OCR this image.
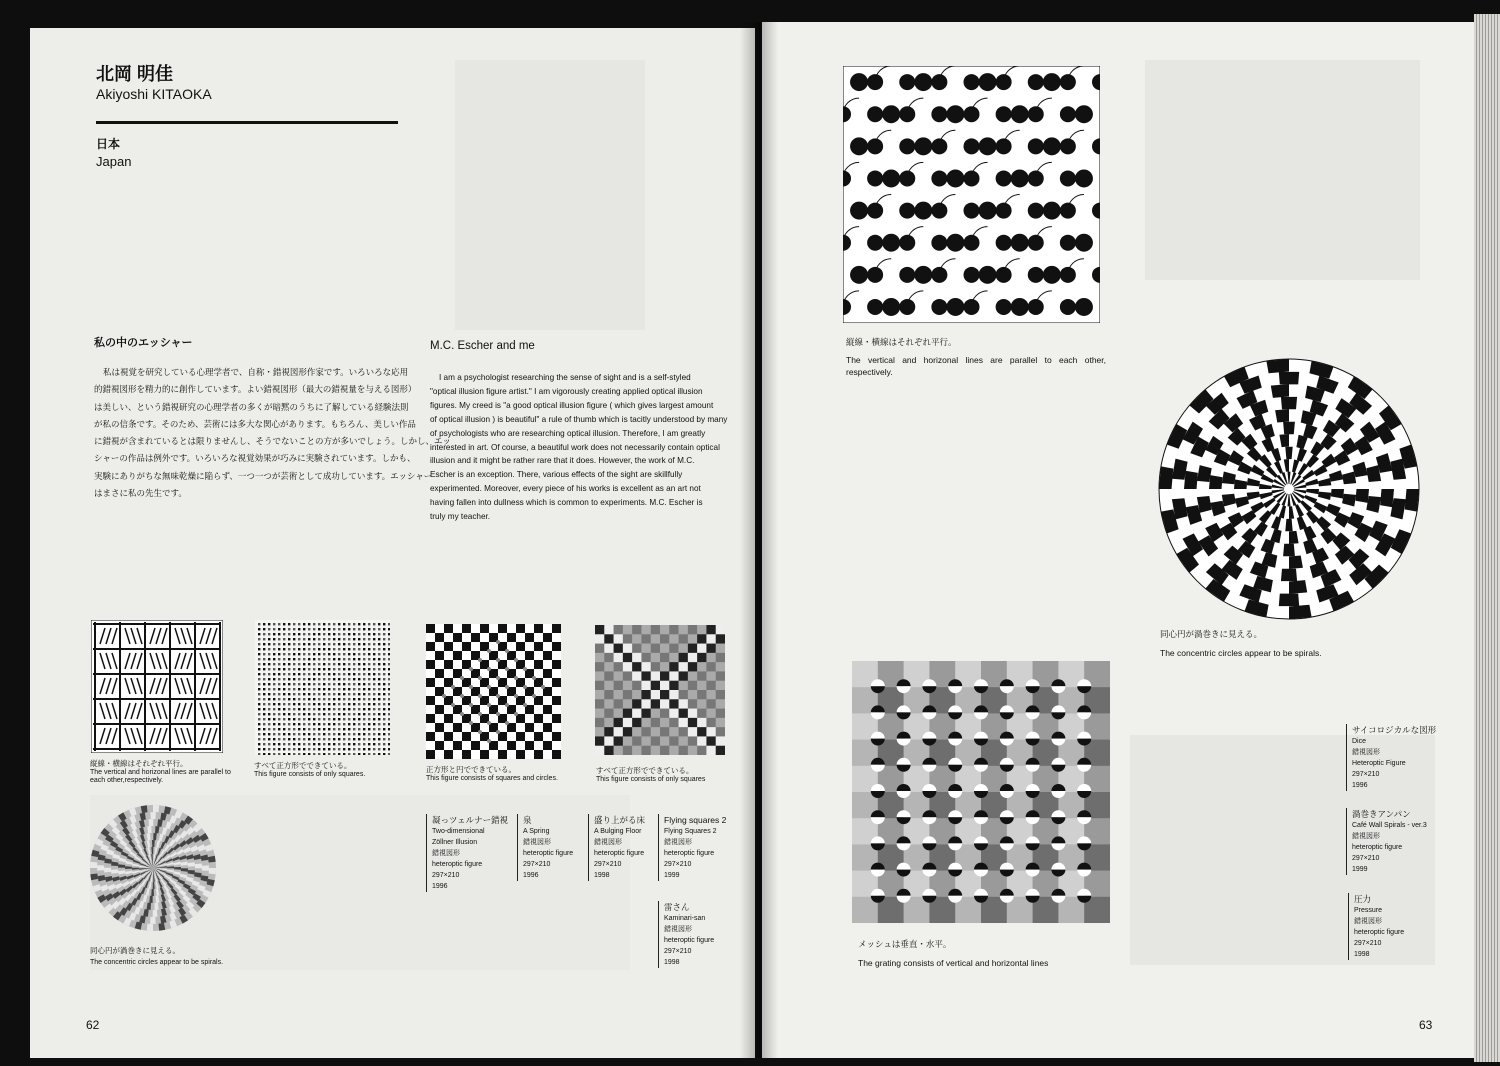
北岡 明佳
Akiyoshi KITAOKA
日本
Japan
私の中のエッシャー
私は視覚を研究している心理学者で、自称・錯視図形作家です。いろいろな応用
的錯視図形を精力的に創作しています。よい錯視図形（最大の錯視量を与える図形）
は美しい、という錯視研究の心理学者の多くが暗黙のうちに了解している経験法則
が私の信条です。そのため、芸術には多大な関心があります。もちろん、美しい作品
に錯視が含まれているとは限りませんし、そうでないことの方が多いでしょう。しかし、エッ
シャーの作品は例外です。いろいろな視覚効果が巧みに実験されています。しかも、
実験にありがちな無味乾燥に陥らず、一つ一つが芸術として成功しています。エッシャー
はまさに私の先生です。
M.C. Escher and me
I am a psychologist researching the sense of sight and is a self-styled
"optical illusion figure artist." I am vigorously creating applied optical illusion
figures. My creed is "a good optical illusion figure ( which gives largest amount
of optical illusion ) is beautiful" a rule of thumb which is tacitly understood by many
of psychologists who are researching optical illusion. Therefore, I am greatly
interested in art. Of course, a beautiful work does not necessarily contain optical
illusion and it might be rather rare that it does. However, the work of M.C.
Escher is an exception. There, various effects of the sight are skillfully
experimented. Moreover, every piece of his works is excellent as an art not
having fallen into dullness which is common to experiments. M.C. Escher is
truly my teacher.
縦線・横線はそれぞれ平行。
The vertical and horizonal lines are parallel to each other,respectively.
すべて正方形でできている。
This figure consists of only squares.
正方形と円でできている。
This figure consists of squares and circles.
すべて正方形でできている。
This figure consists of only squares
同心円が渦巻きに見える。
The concentric circles appear to be spirals.
凝っツェルナー錯視
Two-dimensional
Zöllner Illusion
錯視図形
heteroptic figure
297×210
1996
泉
A Spring
錯視図形
heteroptic figure
297×210
1996
盛り上がる床
A Bulging Floor
錯視図形
heteroptic figure
297×210
1998
Flying squares 2
Flying Squares 2
錯視図形
heteroptic figure
297×210
1999
雷さん
Kaminari-san
錯視図形
heteroptic figure
297×210
1998
62
縦線・横線はそれぞれ平行。
The vertical and horizonal lines are parallel to each other, respectively.
同心円が渦巻きに見える。
The concentric circles appear to be spirals.
メッシュは垂直・水平。
The grating consists of vertical and horizontal lines
サイコロジカルな図形
Dice
錯視図形
Heteroptic Figure
297×210
1996
渦巻きアンパン
Café Wall Spirals - ver.3
錯視図形
heteroptic figure
297×210
1999
圧力
Pressure
錯視図形
heteroptic figure
297×210
1998
63
